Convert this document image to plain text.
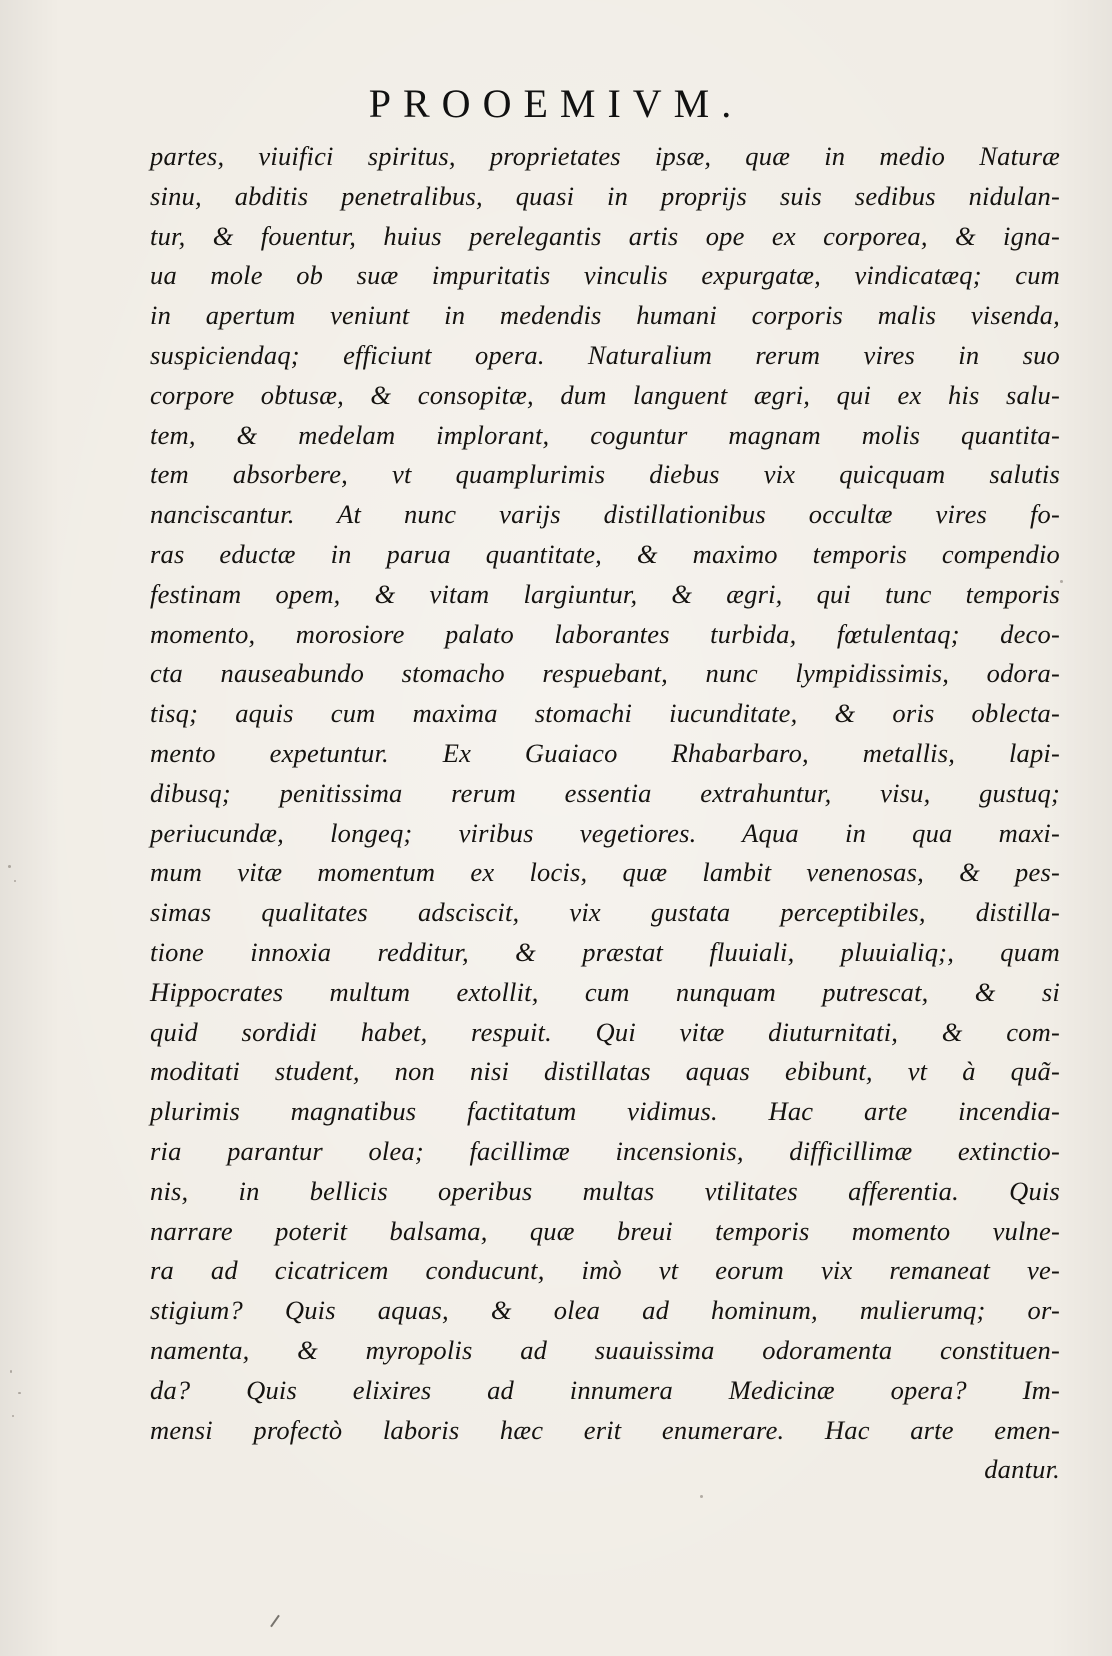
PROOEMIVM.
partes, viuifici spiritus, proprietates ipsæ, quæ in medio Naturæ
sinu, abditis penetralibus, quasi in proprijs suis sedibus nidulan-
tur, & fouentur, huius perelegantis artis ope ex corporea, & igna-
ua mole ob suæ impuritatis vinculis expurgatæ, vindicatæq; cum
in apertum veniunt in medendis humani corporis malis visenda,
suspiciendaq; efficiunt opera. Naturalium rerum vires in suo
corpore obtusæ, & consopitæ, dum languent ægri, qui ex his salu-
tem, & medelam implorant, coguntur magnam molis quantita-
tem absorbere, vt quamplurimis diebus vix quicquam salutis
nanciscantur. At nunc varijs distillationibus occultæ vires fo-
ras eductæ in parua quantitate, & maximo temporis compendio
festinam opem, & vitam largiuntur, & ægri, qui tunc temporis
momento, morosiore palato laborantes turbida, fœtulentaq; deco-
cta nauseabundo stomacho respuebant, nunc lympidissimis, odora-
tisq; aquis cum maxima stomachi iucunditate, & oris oblecta-
mento expetuntur. Ex Guaiaco Rhabarbaro, metallis, lapi-
dibusq; penitissima rerum essentia extrahuntur, visu, gustuq;
periucundæ, longeq; viribus vegetiores. Aqua in qua maxi-
mum vitæ momentum ex locis, quæ lambit venenosas, & pes-
simas qualitates adsciscit, vix gustata perceptibiles, distilla-
tione innoxia redditur, & præstat fluuiali, pluuialiq;, quam
Hippocrates multum extollit, cum nunquam putrescat, & si
quid sordidi habet, respuit. Qui vitæ diuturnitati, & com-
moditati student, non nisi distillatas aquas ebibunt, vt à quã-
plurimis magnatibus factitatum vidimus. Hac arte incendia-
ria parantur olea; facillimæ incensionis, difficillimæ extinctio-
nis, in bellicis operibus multas vtilitates afferentia. Quis
narrare poterit balsama, quæ breui temporis momento vulne-
ra ad cicatricem conducunt, imò vt eorum vix remaneat ve-
stigium? Quis aquas, & olea ad hominum, mulierumq; or-
namenta, & myropolis ad suauissima odoramenta constituen-
da? Quis elixires ad innumera Medicinæ opera? Im-
mensi profectò laboris hæc erit enumerare. Hac arte emen-
dantur.
